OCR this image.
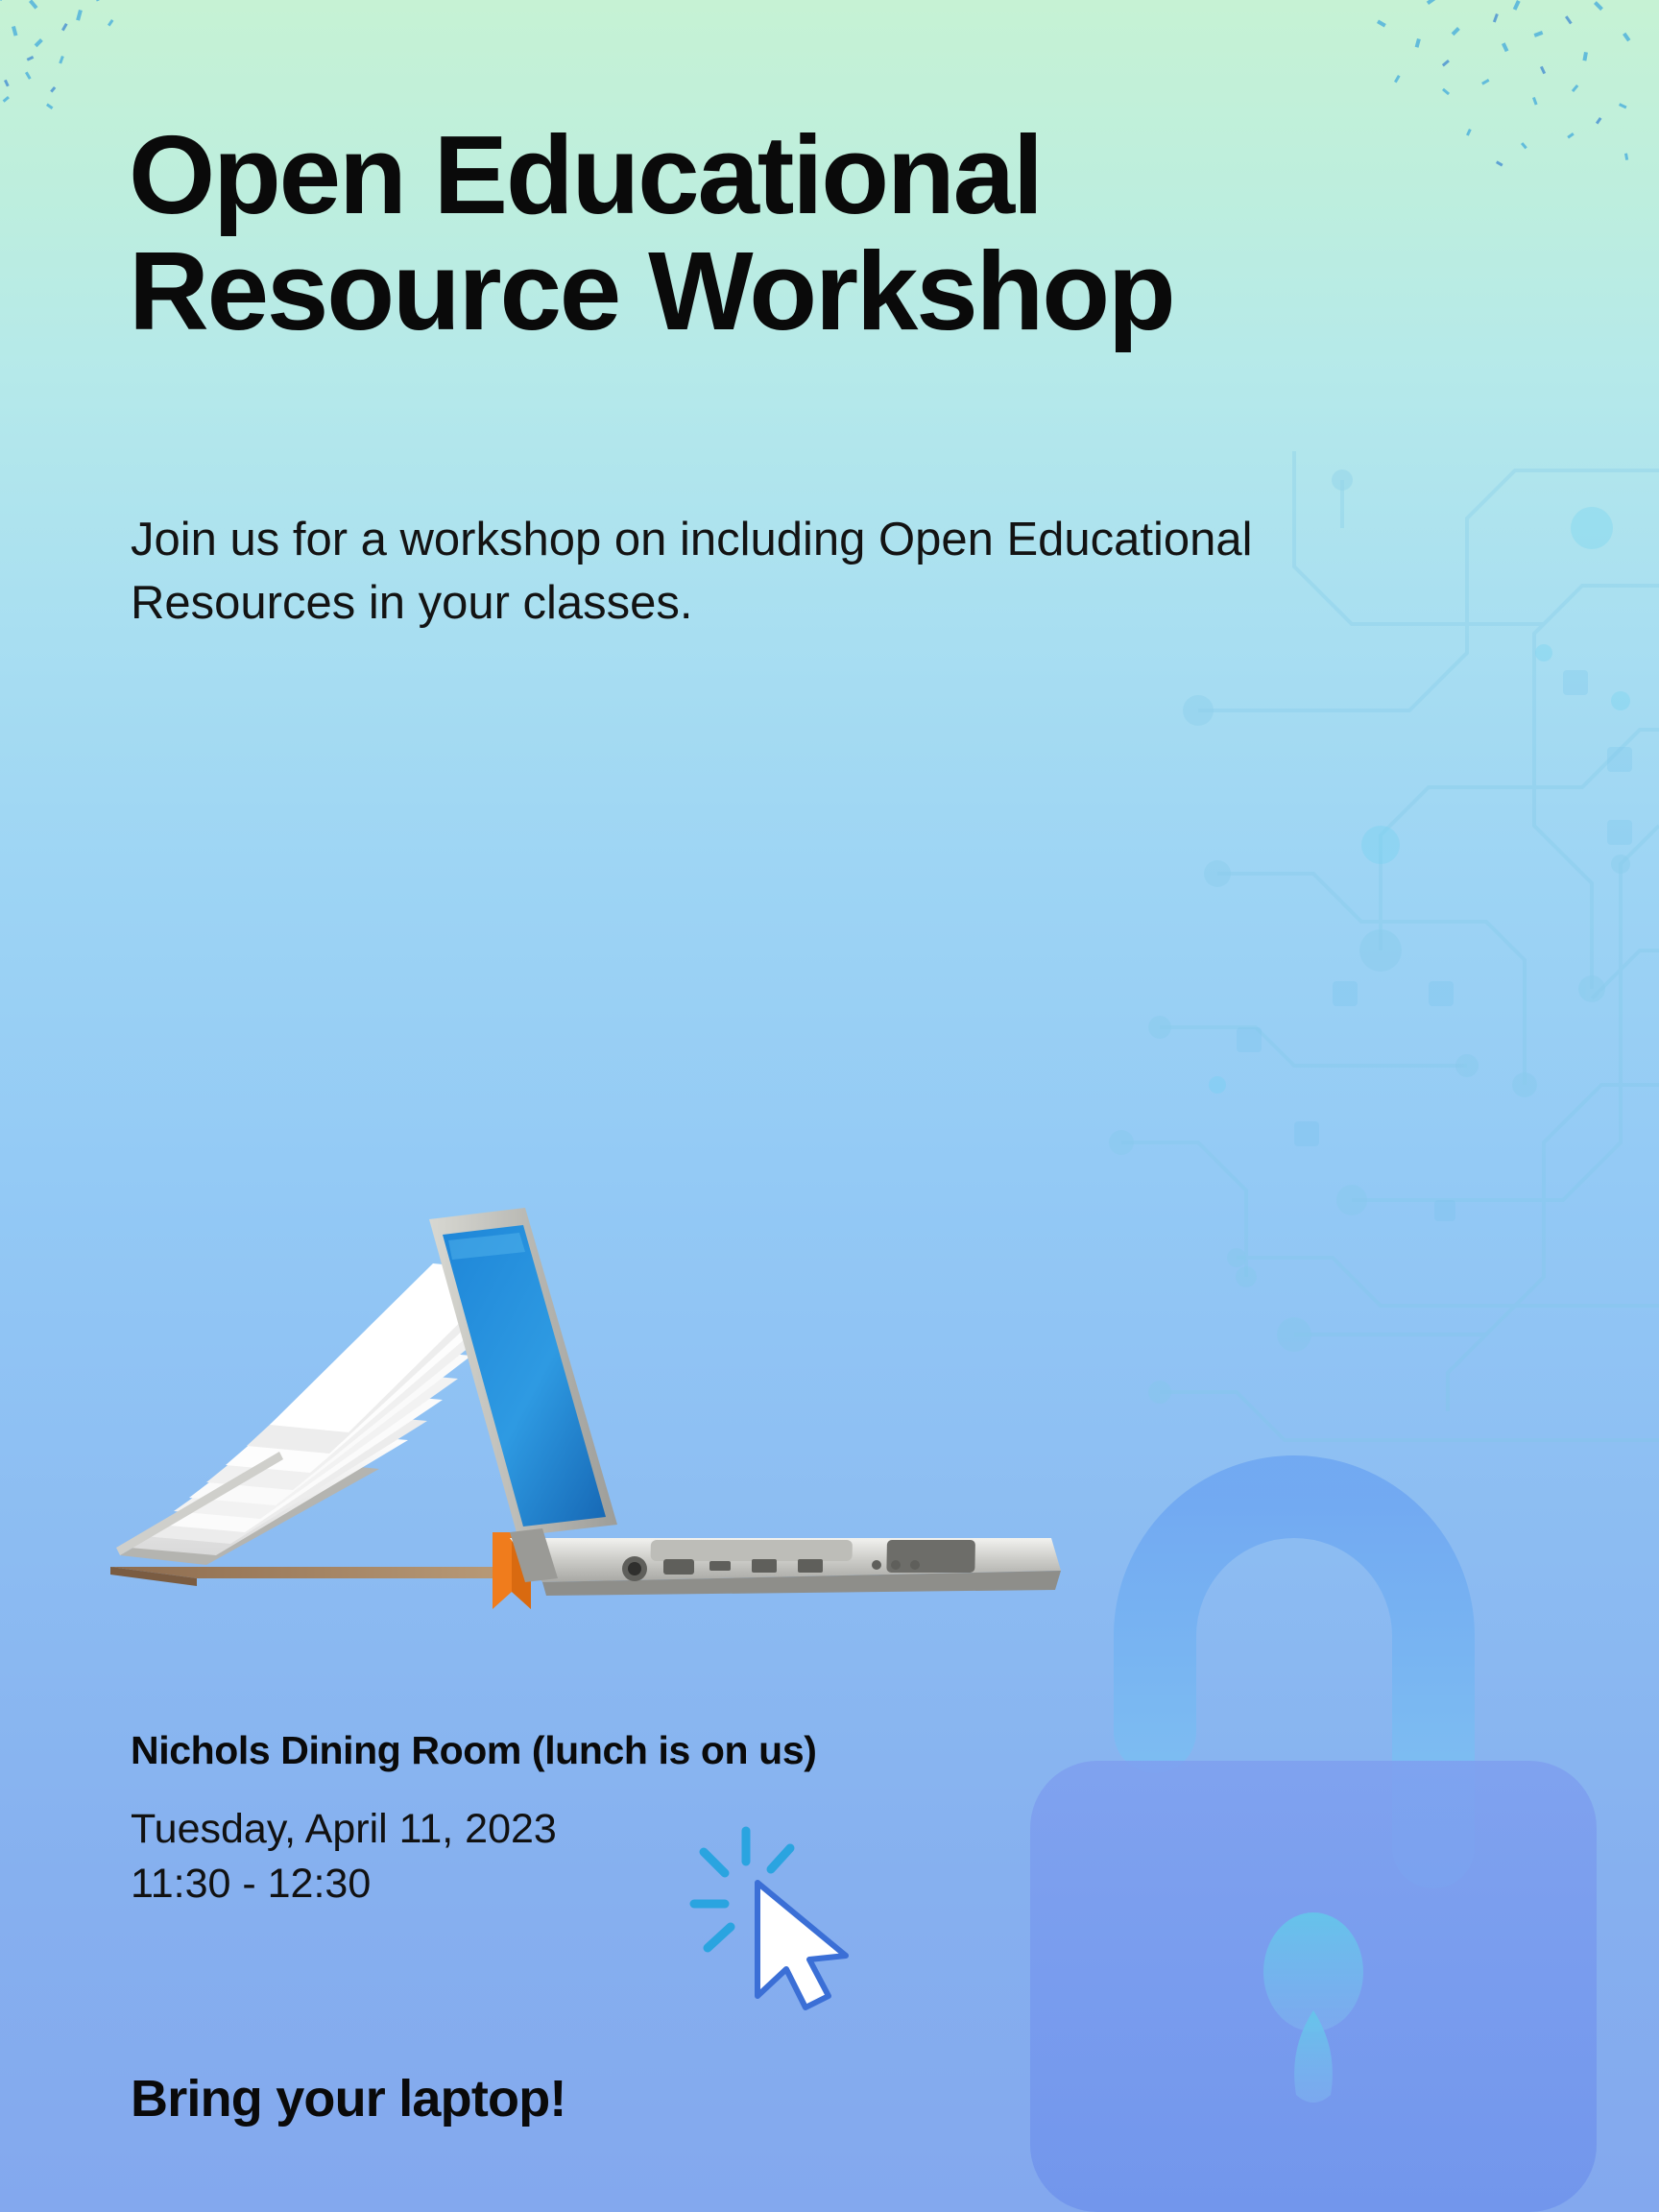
Open Educational
Resource Workshop

Join us for a workshop on including Open Educational Resources in your classes.

Nichols Dining Room (lunch is on us)
Tuesday, April 11, 2023
11:30 - 12:30
Bring your laptop!
